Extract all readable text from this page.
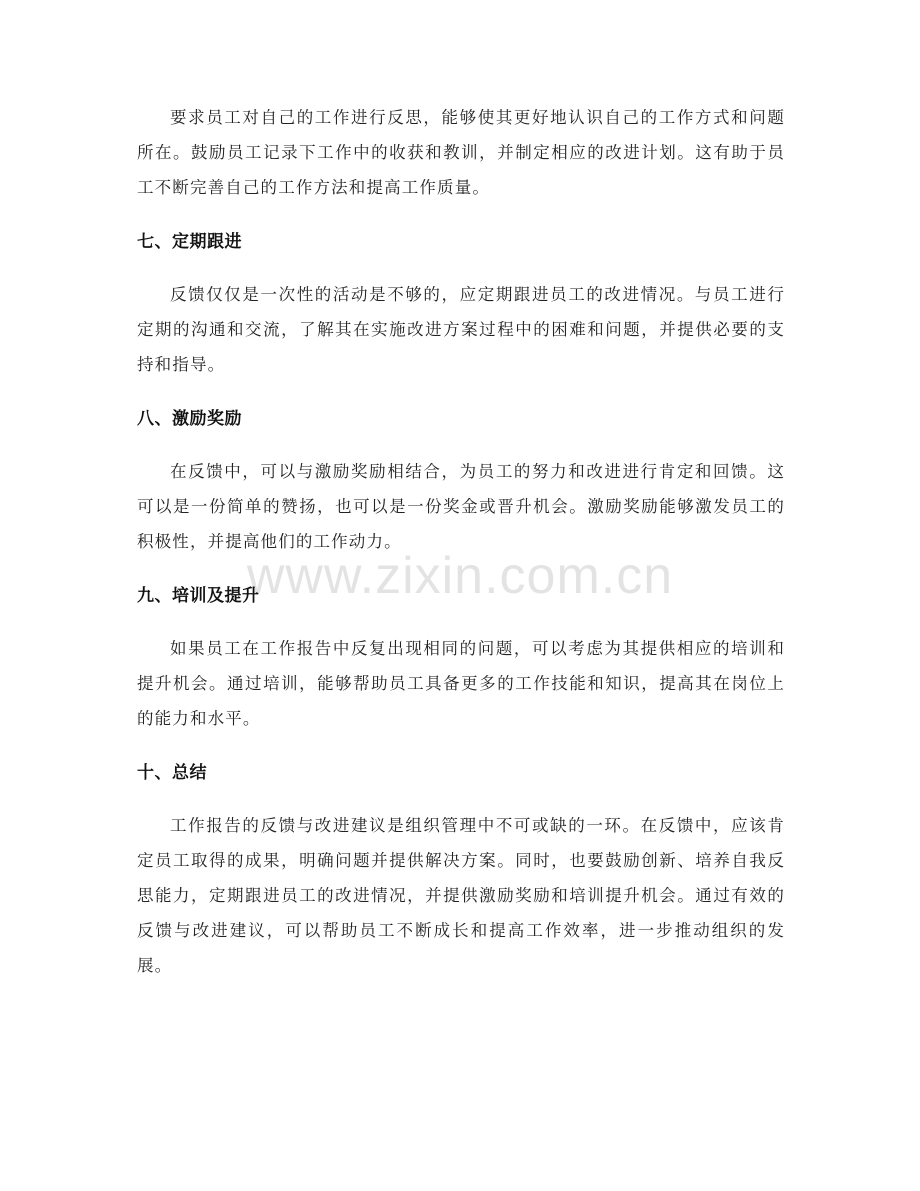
要求员工对自己的工作进行反思，能够使其更好地认识自己的工作方式和问题所在。鼓励员工记录下工作中的收获和教训，并制定相应的改进计划。这有助于员工不断完善自己的工作方法和提高工作质量。

七、定期跟进

反馈仅仅是一次性的活动是不够的，应定期跟进员工的改进情况。与员工进行定期的沟通和交流，了解其在实施改进方案过程中的困难和问题，并提供必要的支持和指导。

八、激励奖励

在反馈中，可以与激励奖励相结合，为员工的努力和改进进行肯定和回馈。这可以是一份简单的赞扬，也可以是一份奖金或晋升机会。激励奖励能够激发员工的积极性，并提高他们的工作动力。

九、培训及提升

如果员工在工作报告中反复出现相同的问题，可以考虑为其提供相应的培训和提升机会。通过培训，能够帮助员工具备更多的工作技能和知识，提高其在岗位上的能力和水平。

十、总结

工作报告的反馈与改进建议是组织管理中不可或缺的一环。在反馈中，应该肯定员工取得的成果，明确问题并提供解决方案。同时，也要鼓励创新、培养自我反思能力，定期跟进员工的改进情况，并提供激励奖励和培训提升机会。通过有效的反馈与改进建议，可以帮助员工不断成长和提高工作效率，进一步推动组织的发展。

www.zixin.com.cn
